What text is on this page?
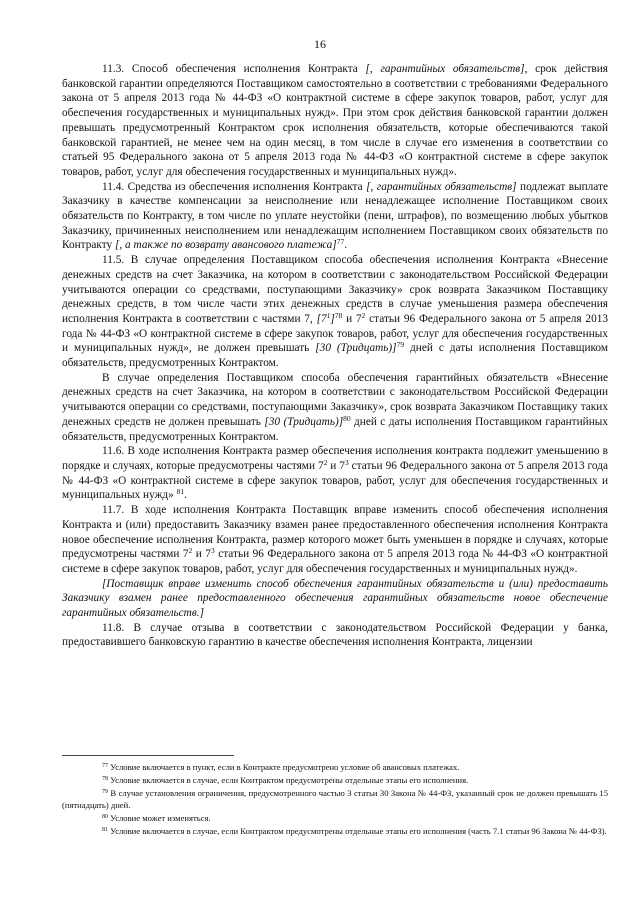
16

11.3. Способ обеспечения исполнения Контракта [, гарантийных обязательств], срок действия банковской гарантии определяются Поставщиком самостоятельно в соответствии с требованиями Федерального закона от 5 апреля 2013 года № 44-ФЗ «О контрактной системе в сфере закупок товаров, работ, услуг для обеспечения государственных и муниципальных нужд». При этом срок действия банковской гарантии должен превышать предусмотренный Контрактом срок исполнения обязательств, которые обеспечиваются такой банковской гарантией, не менее чем на один месяц, в том числе в случае его изменения в соответствии со статьей 95 Федерального закона от 5 апреля 2013 года № 44-ФЗ «О контрактной системе в сфере закупок товаров, работ, услуг для обеспечения государственных и муниципальных нужд».

11.4. Средства из обеспечения исполнения Контракта [, гарантийных обязательств] подлежат выплате Заказчику в качестве компенсации за неисполнение или ненадлежащее исполнение Поставщиком своих обязательств по Контракту, в том числе по уплате неустойки (пени, штрафов), по возмещению любых убытков Заказчику, причиненных неисполнением или ненадлежащим исполнением Поставщиком своих обязательств по Контракту [, а также по возврату авансового платежа]$^{77}$.

11.5. В случае определения Поставщиком способа обеспечения исполнения Контракта «Внесение денежных средств на счет Заказчика, на котором в соответствии с законодательством Российской Федерации учитываются операции со средствами, поступающими Заказчику» срок возврата Заказчиком Поставщику денежных средств, в том числе части этих денежных средств в случае уменьшения размера обеспечения исполнения Контракта в соответствии с частями 7, $[7^1]^{78}$ и $7^2$ статьи 96 Федерального закона от 5 апреля 2013 года № 44-ФЗ «О контрактной системе в сфере закупок товаров, работ, услуг для обеспечения государственных и муниципальных нужд», не должен превышать [30 (Тридцать)]$^{79}$ дней с даты исполнения Поставщиком обязательств, предусмотренных Контрактом.

В случае определения Поставщиком способа обеспечения гарантийных обязательств «Внесение денежных средств на счет Заказчика, на котором в соответствии с законодательством Российской Федерации учитываются операции со средствами, поступающими Заказчику», срок возврата Заказчиком Поставщику таких денежных средств не должен превышать [30 (Тридцать)]$^{80}$ дней с даты исполнения Поставщиком гарантийных обязательств, предусмотренных Контрактом.

11.6. В ходе исполнения Контракта размер обеспечения исполнения контракта подлежит уменьшению в порядке и случаях, которые предусмотрены частями $7^2$ и $7^3$ статьи 96 Федерального закона от 5 апреля 2013 года № 44-ФЗ «О контрактной системе в сфере закупок товаров, работ, услуг для обеспечения государственных и муниципальных нужд» $^{81}$.

11.7. В ходе исполнения Контракта Поставщик вправе изменить способ обеспечения исполнения Контракта и (или) предоставить Заказчику взамен ранее предоставленного обеспечения исполнения Контракта новое обеспечение исполнения Контракта, размер которого может быть уменьшен в порядке и случаях, которые предусмотрены частями $7^2$ и $7^3$ статьи 96 Федерального закона от 5 апреля 2013 года № 44-ФЗ «О контрактной системе в сфере закупок товаров, работ, услуг для обеспечения государственных и муниципальных нужд».

[Поставщик вправе изменить способ обеспечения гарантийных обязательств и (или) предоставить Заказчику взамен ранее предоставленного обеспечения гарантийных обязательств новое обеспечение гарантийных обязательств.]

11.8. В случае отзыва в соответствии с законодательством Российской Федерации у банка, предоставившего банковскую гарантию в качестве обеспечения исполнения Контракта, лицензии

$^{77}$ Условие включается в пункт, если в Контракте предусмотрено условие об авансовых платежах.

$^{78}$ Условие включается в случае, если Контрактом предусмотрены отдельные этапы его исполнения.

$^{79}$ В случае установления ограничения, предусмотренного частью 3 статьи 30 Закона № 44-ФЗ, указанный срок не должен превышать 15 (пятнадцать) дней.

$^{80}$ Условие может изменяться.

$^{81}$ Условие включается в случае, если Контрактом предусмотрены отдельные этапы его исполнения (часть 7.1 статьи 96 Закона № 44-ФЗ).
